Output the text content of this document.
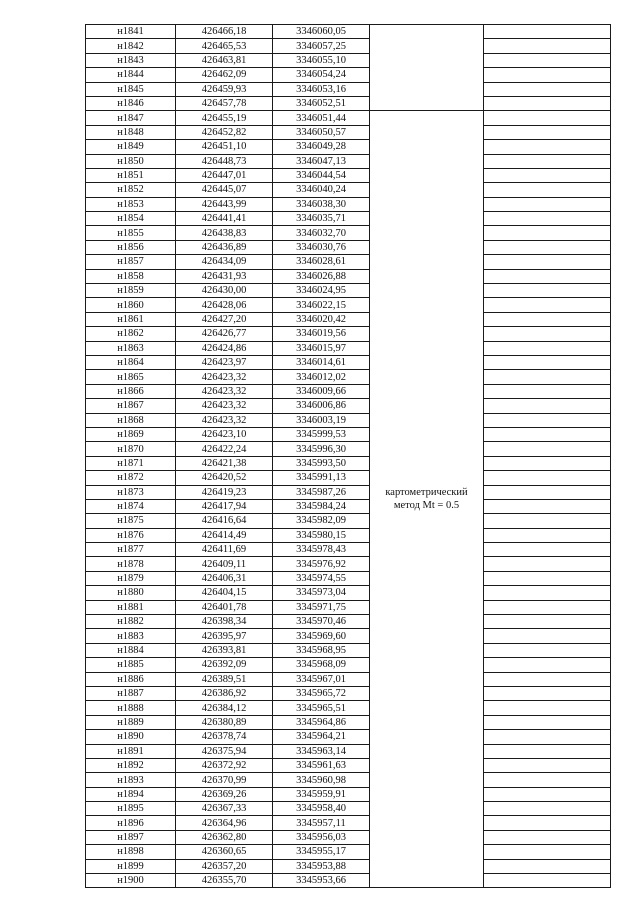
н1841	426466,18	3346060,05	

н1842	426465,53	3346057,25		
н1843	426463,81	3346055,10		
н1844	426462,09	3346054,24		
н1845	426459,93	3346053,16		
н1846	426457,78	3346052,51		
н1847	426455,19	3346051,44	картометрический метод Mt = 0.5	

н1848	426452,82	3346050,57		
н1849	426451,10	3346049,28		
н1850	426448,73	3346047,13		
н1851	426447,01	3346044,54		
н1852	426445,07	3346040,24		
н1853	426443,99	3346038,30		
н1854	426441,41	3346035,71		
н1855	426438,83	3346032,70		
н1856	426436,89	3346030,76		
н1857	426434,09	3346028,61		
н1858	426431,93	3346026,88		
н1859	426430,00	3346024,95		
н1860	426428,06	3346022,15		
н1861	426427,20	3346020,42		
н1862	426426,77	3346019,56		
н1863	426424,86	3346015,97		
н1864	426423,97	3346014,61		
н1865	426423,32	3346012,02		
н1866	426423,32	3346009,66		
н1867	426423,32	3346006,86		
н1868	426423,32	3346003,19		
н1869	426423,10	3345999,53		
н1870	426422,24	3345996,30		
н1871	426421,38	3345993,50		
н1872	426420,52	3345991,13		
н1873	426419,23	3345987,26		
н1874	426417,94	3345984,24		
н1875	426416,64	3345982,09		
н1876	426414,49	3345980,15		
н1877	426411,69	3345978,43		
н1878	426409,11	3345976,92		
н1879	426406,31	3345974,55		
н1880	426404,15	3345973,04		
н1881	426401,78	3345971,75		
н1882	426398,34	3345970,46		
н1883	426395,97	3345969,60		
н1884	426393,81	3345968,95		
н1885	426392,09	3345968,09		
н1886	426389,51	3345967,01		
н1887	426386,92	3345965,72		
н1888	426384,12	3345965,51		
н1889	426380,89	3345964,86		
н1890	426378,74	3345964,21		
н1891	426375,94	3345963,14		
н1892	426372,92	3345961,63		
н1893	426370,99	3345960,98		
н1894	426369,26	3345959,91		
н1895	426367,33	3345958,40		
н1896	426364,96	3345957,11		
н1897	426362,80	3345956,03		
н1898	426360,65	3345955,17		
н1899	426357,20	3345953,88		
н1900	426355,70	3345953,66		
